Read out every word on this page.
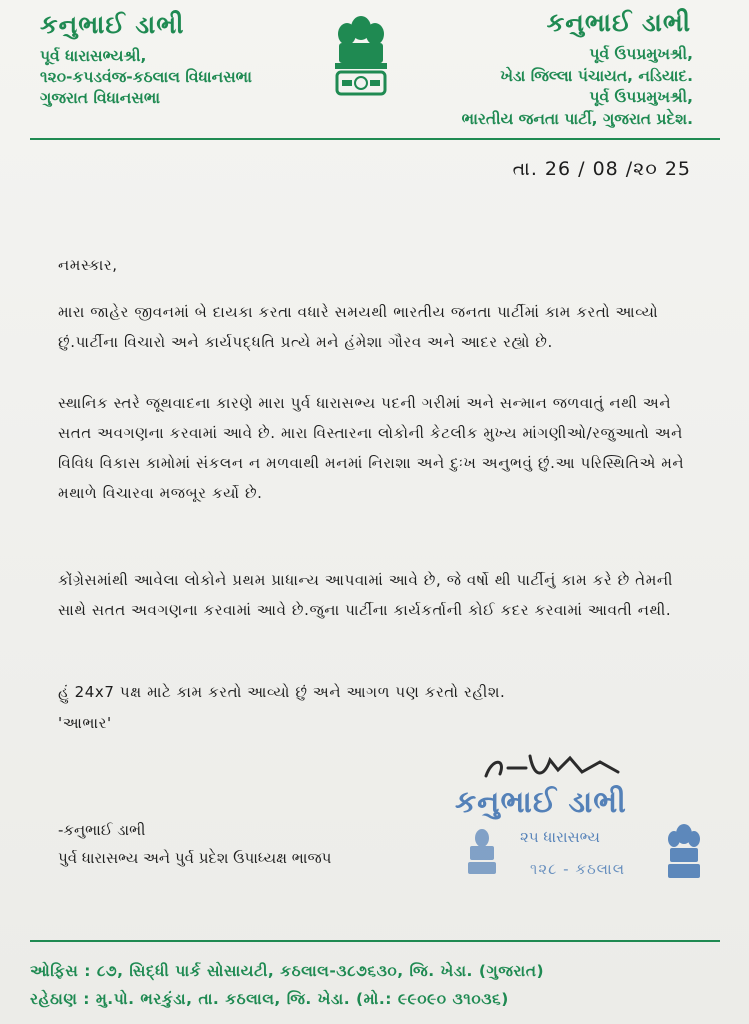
કનુભાઈ ડાભી
પૂર્વ ધારાસભ્યશ્રી,
૧૨૦-કપડવંજ-કઠલાલ વિધાનસભા
ગુજરાત વિધાનસભા
કનુભાઈ ડાભી
પૂર્વ ઉપપ્રમુખશ્રી,
ખેડા જિલ્લા પંચાયત, નડિયાદ.
પૂર્વ ઉપપ્રમુખશ્રી,
ભારતીય જનતા પાર્ટી, ગુજરાત પ્રદેશ.
તા. 26 / 08 /૨૦ 25
નમસ્કાર,
મારા જાહેર જીવનમાં બે દાયકા કરતા વધારે સમયથી ભારતીય જનતા પાર્ટીમાં કામ કરતો આવ્યો છું.પાર્ટીના વિચારો અને કાર્યપદ્ધતિ પ્રત્યે મને હંમેશા ગૌરવ અને આદર રહ્યો છે.
સ્થાનિક સ્તરે જૂથવાદના કારણે મારા પુર્વ ધારાસભ્ય પદની ગરીમાં અને સન્માન જળવાતું નથી અને સતત અવગણના કરવામાં આવે છે. મારા વિસ્તારના લોકોની કેટલીક મુખ્ય માંગણીઓ/રજુઆતો અને વિવિધ વિકાસ કામોમાં સંકલન ન મળવાથી મનમાં નિરાશા અને દુઃખ અનુભવું છું.આ પરિસ્થિતિએ મને મથાળે વિચારવા મજબૂર કર્યો છે.
કોંગ્રેસમાંથી આવેલા લોકોને પ્રથમ પ્રાધાન્ય આપવામાં આવે છે, જે વર્ષો થી પાર્ટીનું કામ કરે છે તેમની સાથે સતત અવગણના કરવામાં આવે છે.જુના પાર્ટીના કાર્યકર્તાની કોઈ કદર કરવામાં આવતી નથી.
હું 24x7 પક્ષ માટે કામ કરતો આવ્યો છું અને આગળ પણ કરતો રહીશ.
'આભાર'
-કનુભાઈ ડાભી
પુર્વ ધારાસભ્ય અને પુર્વ પ્રદેશ ઉપાધ્યક્ષ ભાજપ
કનુભાઈ ડાભી
૨૫ ધારાસભ્ય
૧૨૮ - કઠલાલ
ઓફિસ : ૮૭, સિદ્ધી પાર્ક સોસાયટી, કઠલાલ-૩૮૭૬૩૦, જિ. ખેડા. (ગુજરાત)
રહેઠાણ : મુ.પો. ભરકુંડા, તા. કઠલાલ, જિ. ખેડા. (મો.: ૯૯૦૯૦ ૩૧૦૩૬)
